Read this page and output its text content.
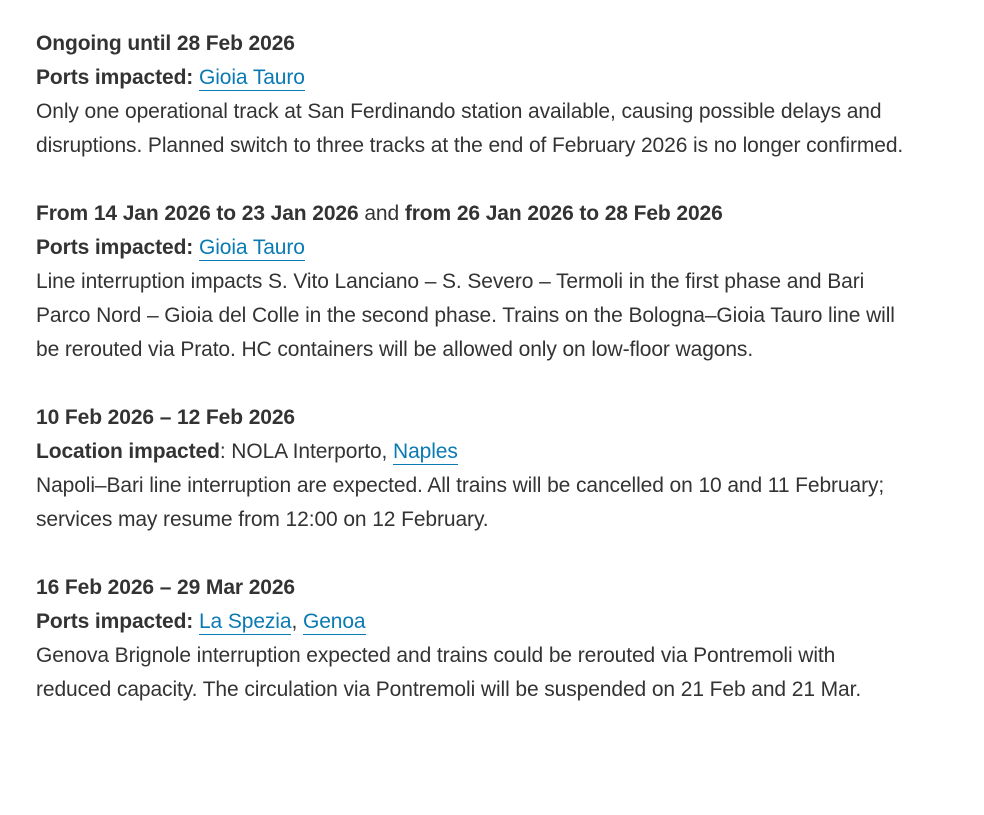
Ongoing until 28 Feb 2026

Ports impacted: Gioia Tauro

Only one operational track at San Ferdinando station available, causing possible delays and disruptions. Planned switch to three tracks at the end of February 2026 is no longer confirmed.

From 14 Jan 2026 to 23 Jan 2026 and from 26 Jan 2026 to 28 Feb 2026

Ports impacted: Gioia Tauro

Line interruption impacts S. Vito Lanciano – S. Severo – Termoli in the first phase and Bari Parco Nord – Gioia del Colle in the second phase. Trains on the Bologna–Gioia Tauro line will be rerouted via Prato. HC containers will be allowed only on low-floor wagons.

10 Feb 2026 – 12 Feb 2026

Location impacted: NOLA Interporto, Naples

Napoli–Bari line interruption are expected. All trains will be cancelled on 10 and 11 February; services may resume from 12:00 on 12 February.

16 Feb 2026 – 29 Mar 2026

Ports impacted: La Spezia, Genoa

Genova Brignole interruption expected and trains could be rerouted via Pontremoli with reduced capacity. The circulation via Pontremoli will be suspended on 21 Feb and 21 Mar.
